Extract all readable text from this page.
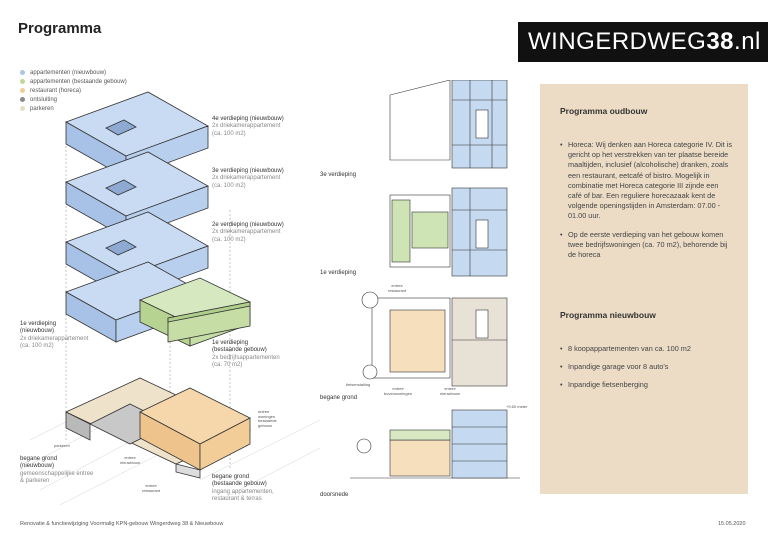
Programma	WINGERDWEG 38 .nl
appartementen (nieuwbouw)
appartementen (bestaande gebouw)
restaurant (horeca)
ontsluiting
parkeren
4e verdieping (nieuwbouw)
2x driekamerappartement
(ca. 100 m2)
3e verdieping (nieuwbouw)
2x driekamerappartement
(ca. 100 m2)
2e verdieping (nieuwbouw)
2x driekamerappartement
(ca. 100 m2)
1e verdieping
(nieuwbouw)
2x driekamerappartement
(ca. 100 m2)
1e verdieping
(bestaande gebouw)
2x bedrijfsappartementen
(ca. 70 m2)
begane grond
(nieuwbouw)
gemeenschappelijke entree
& parkeren
begane grond
(bestaande gebouw)
ingang appartementen,
restaurant & terras
parkeren
entree
nieuwbouw
entree
restaurant
entree
woningen
bestaande
gebouw
3e verdieping
1e verdieping
begane grond
doorsnede
entree
restaurant
fietsenstalling
entree
bovenwoningen
entree
nieuwbouw
+9.60 meter
Programma oudbouw
• Horeca: Wij denken aan Horeca categorie IV. Dit is gericht op het verstrekken van ter plaatse bereide maaltijden, inclusief (alcoholische) dranken, zoals een restaurant, eetcafé of bistro. Mogelijk in combinatie met Horeca categorie III zijnde een café of bar. Een reguliere horecazaak kent de volgende openingstijden in Amsterdam: 07.00 - 01.00 uur.
• Op de eerste verdieping van het gebouw komen twee bedrijfswoningen (ca. 70 m2), behorende bij de horeca
Programma nieuwbouw
• 8 koopappartementen van ca. 100 m2
• Inpandige garage voor 8 auto's
• Inpandige fietsenberging
Renovatie & functiewijziging Voormalig KPN-gebouw Wingerdweg 38 & Nieuwbouw	15.05.2020
